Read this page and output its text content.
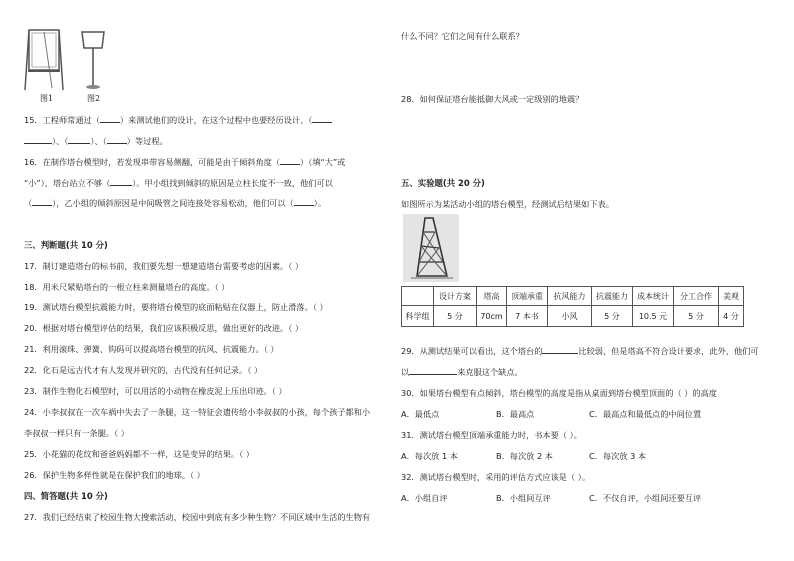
图1	图2
15．工程师常通过（ ）来测试他们的设计，在这个过程中也要经历设计、（
）、（	）、（ ）等过程。
16．在制作塔台模型时，若发现串带容易侧翻，可能是由于倾斜角度（ ）（填“大”或
“小”），塔台站立不够（	）。甲小组找到倾斜的原因是立柱长度不一致，他们可以
（ ），乙小组的倾斜原因是中间吸管之间连接处容易松动，他们可以（ ）。
三、判断题(共 10 分)
17．制订建造塔台的标书前，我们要先想一想建造塔台需要考虑的因素。（ ）
18．用米尺紧贴塔台的一根立柱来测量塔台的高度。（ ）
19．测试塔台模型抗震能力时，要将塔台模型的底面粘贴在仪器上，防止滑落。（ ）
20．根据对塔台模型评估的结果，我们应该积极反思，做出更好的改进。（ ）
21．利用滚珠、弹簧、钩码可以提高塔台模型的抗风、抗震能力。（ ）
22．化石是远古代才有人发现并研究的，古代没有任何记录。（ ）
23．制作生物化石模型时，可以用活的小动物在橡皮泥上压出印迹。（ ）
24．小李叔叔在一次车祸中失去了一条腿，这一特征会遗传给小李叔叔的小孩，每个孩子都和小
李叔叔一样只有一条腿。（ ）
25．小花猫的花纹和爸爸妈妈都不一样，这是变异的结果。（ ）
26．保护生物多样性就是在保护我们的地球。（ ）
四、简答题(共 10 分)
27．我们已经结束了校园生物大搜索活动，校园中到底有多少种生物？不同区域中生活的生物有
什么不同？它们之间有什么联系？
28．如何保证塔台能抵御大风或一定级别的地震？
五、实验题(共 20 分)
如图所示为某活动小组的塔台模型，经测试后结果如下表。
	设计方案	塔高	顶端承重	抗风能力	抗震能力	成本统计	分工合作	美观
科学组	5 分	70cm	7 本书	小风	5 分	10.5 元	5 分	4 分
29．从测试结果可以看出，这个塔台的	比较弱，但是塔高不符合设计要求，此外，他们可
以	来克服这个缺点。
30．如果塔台模型有点倾斜，塔台模型的高度是指从桌面到塔台模型顶面的（ ）的高度
A．最低点	B．最高点	C．最高点和最低点的中间位置
31．测试塔台模型顶端承重能力时，书本要（ ）。
A．每次放 1 本	B．每次放 2 本	C．每次放 3 本
32．测试塔台模型时，采用的评估方式应该是（ ）。
A．小组自评	B．小组间互评	C．不仅自评，小组间还要互评
